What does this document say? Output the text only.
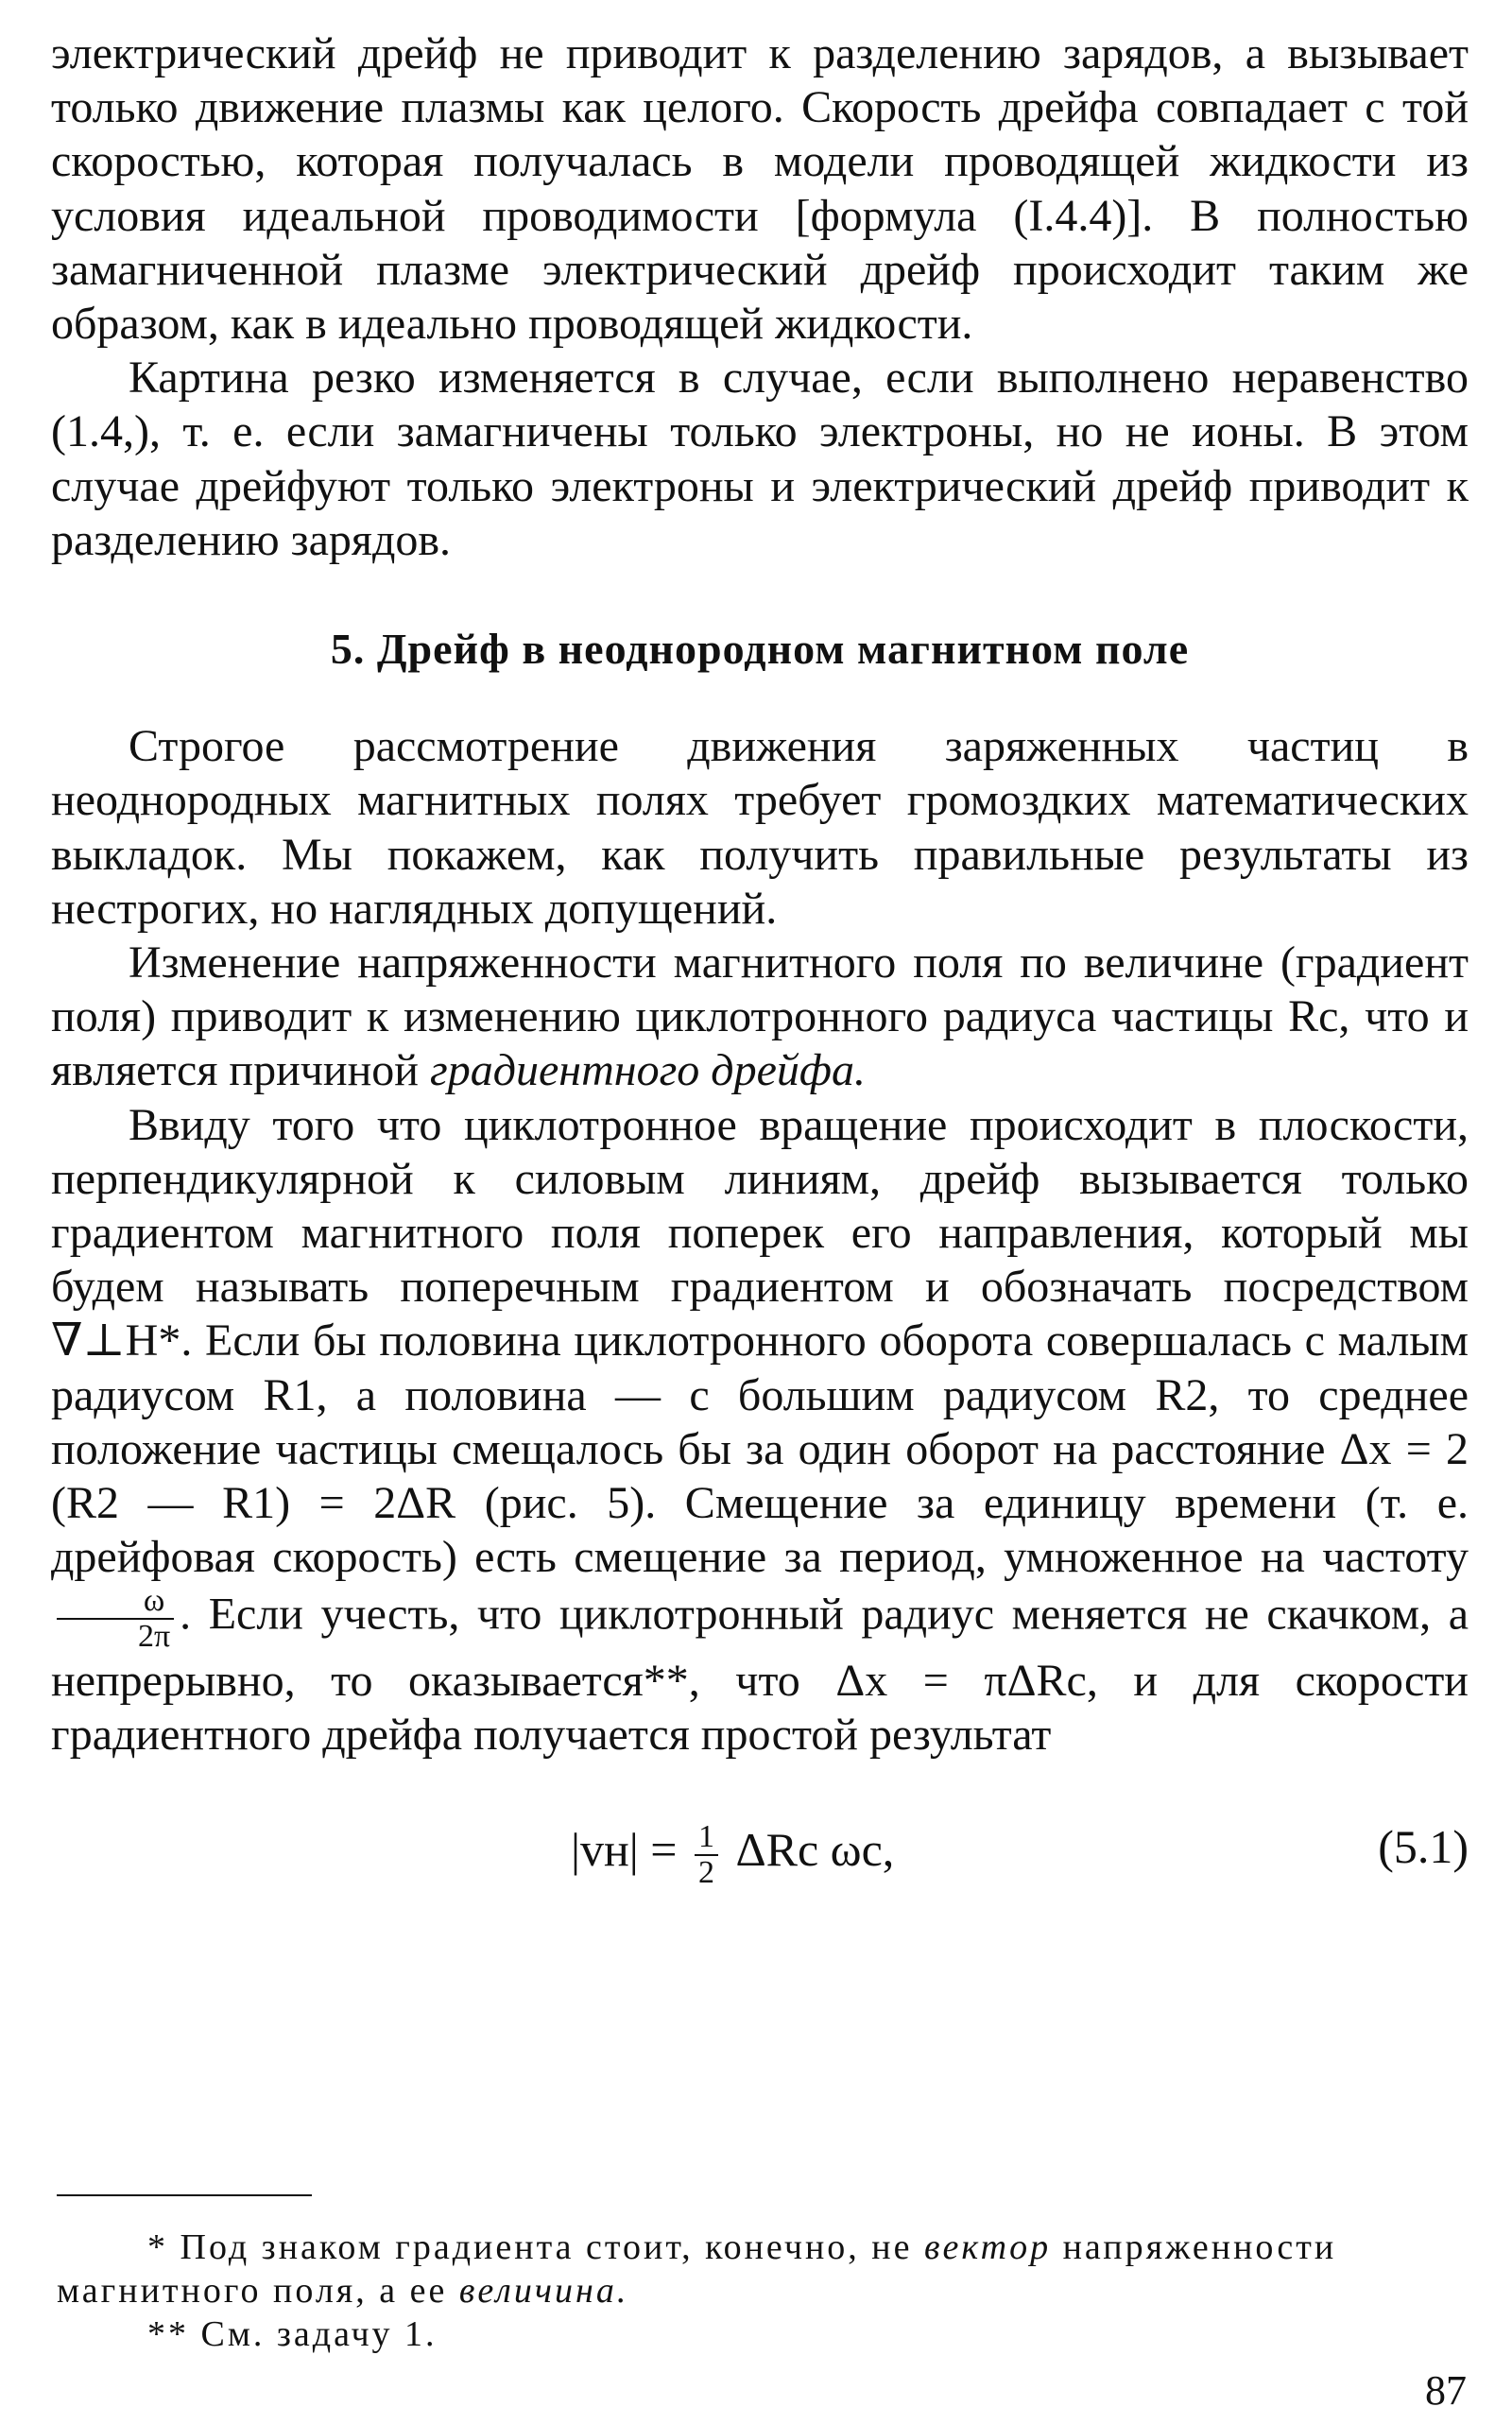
электрический дрейф не приводит к разделению зарядов, а вызывает только движение плазмы как целого. Скорость дрейфа совпадает с той скоростью, которая получалась в модели проводящей жидкости из условия идеальной проводимости [формула (I.4.4)]. В полностью замагниченной плазме электрический дрейф происходит таким же образом, как в идеально проводящей жидкости.

Картина резко изменяется в случае, если выполнено неравенство (1.4,), т. е. если замагничены только электроны, но не ионы. В этом случае дрейфуют только электроны и электрический дрейф приводит к разделению зарядов.

5. Дрейф в неоднородном магнитном поле

Строгое рассмотрение движения заряженных частиц в неоднородных магнитных полях требует громоздких математических выкладок. Мы покажем, как получить правильные результаты из нестрогих, но наглядных допущений.

Изменение напряженности магнитного поля по величине (градиент поля) приводит к изменению циклотронного радиуса частицы Rc, что и является причиной градиентного дрейфа.

Ввиду того что циклотронное вращение происходит в плоскости, перпендикулярной к силовым линиям, дрейф вызывается только градиентом магнитного поля поперек его направления, который мы будем называть поперечным градиентом и обозначать посредством ∇⊥H*. Если бы половина циклотронного оборота совершалась с малым радиусом R1, а половина — с большим радиусом R2, то среднее положение частицы смещалось бы за один оборот на расстояние Δx = 2 (R2 — R1) = 2ΔR (рис. 5). Смещение за единицу времени (т. е. дрейфовая скорость) есть смещение за период, умноженное на частоту
$\frac{\omega}{2\pi}$ . Если учесть, что циклотронный радиус меняется не скачком, а непрерывно, то оказывается**, что Δx = πΔRc, и для скорости градиентного дрейфа получается простой результат

$|vн| = \frac{1}{2}$ ΔRc ωc,	(5.1)

* Под знаком градиента стоит, конечно, не вектор напряженности магнитного поля, а ее величина.

** См. задачу 1.

87
